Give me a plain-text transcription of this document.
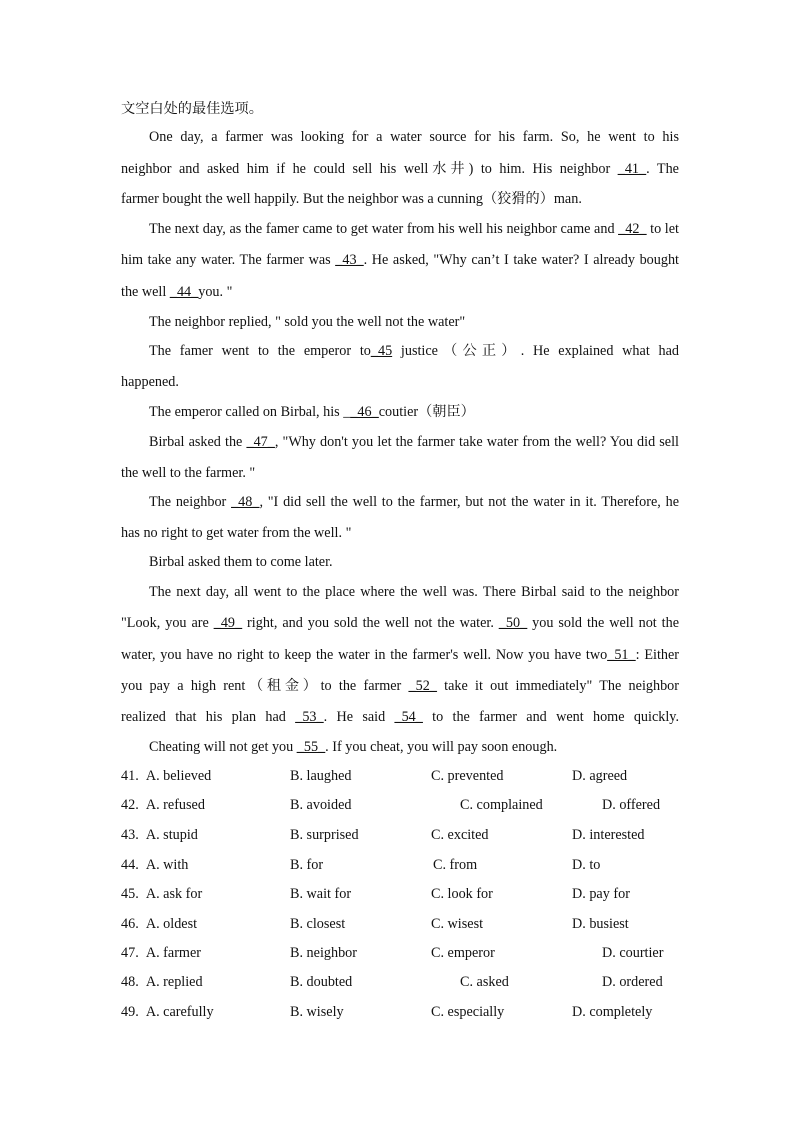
文空白处的最佳选项。
One day, a farmer was looking for a water source for his farm. So, he went to his
neighbor and asked him if he could sell his well水井) to him. His neighbor _41_. The
farmer bought the well happily. But the neighbor was a cunning（狡猾的）man.
The next day, as the famer came to get water from his well his neighbor came and _42_ to let
him take any water. The farmer was _43_. He asked, "Why can’t I take water? I already bought
the well _44_you. "
The neighbor replied, " sold you the well not the water"
The famer went to the emperor to_45 justice（公正）. He explained what had
happened.
The emperor called on Birbal, his __46_coutier（朝臣）
Birbal asked the _47_, "Why don't you let the farmer take water from the well? You did sell
the well to the farmer. "
The neighbor _48_, "I did sell the well to the farmer, but not the water in it. Therefore, he
has no right to get water from the well. "
Birbal asked them to come later.
The next day, all went to the place where the well was. There Birbal said to the neighbor
"Look, you are _49_ right, and you sold the well not the water. _50_ you sold the well not the
water, you have no right to keep the water in the farmer's well. Now you have two_51_: Either
you pay a high rent（租金）to the farmer _52_ take it out immediately" The neighbor
realized that his plan had _53_. He said _54_ to the farmer and went home quickly.
Cheating will not get you _55_. If you cheat, you will pay soon enough.
41. A. believed	B. laughed	C. prevented	D. agreed
42. A. refused	B. avoided	C. complained	D. offered
43. A. stupid	B. surprised	C. excited	D. interested
44. A. with	B. for	C. from	D. to
45. A. ask for	B. wait for	C. look for	D. pay for
46. A. oldest	B. closest	C. wisest	D. busiest
47. A. farmer	B. neighbor	C. emperor	D. courtier
48. A. replied	B. doubted	C. asked	D. ordered
49. A. carefully	B. wisely	C. especially	D. completely
